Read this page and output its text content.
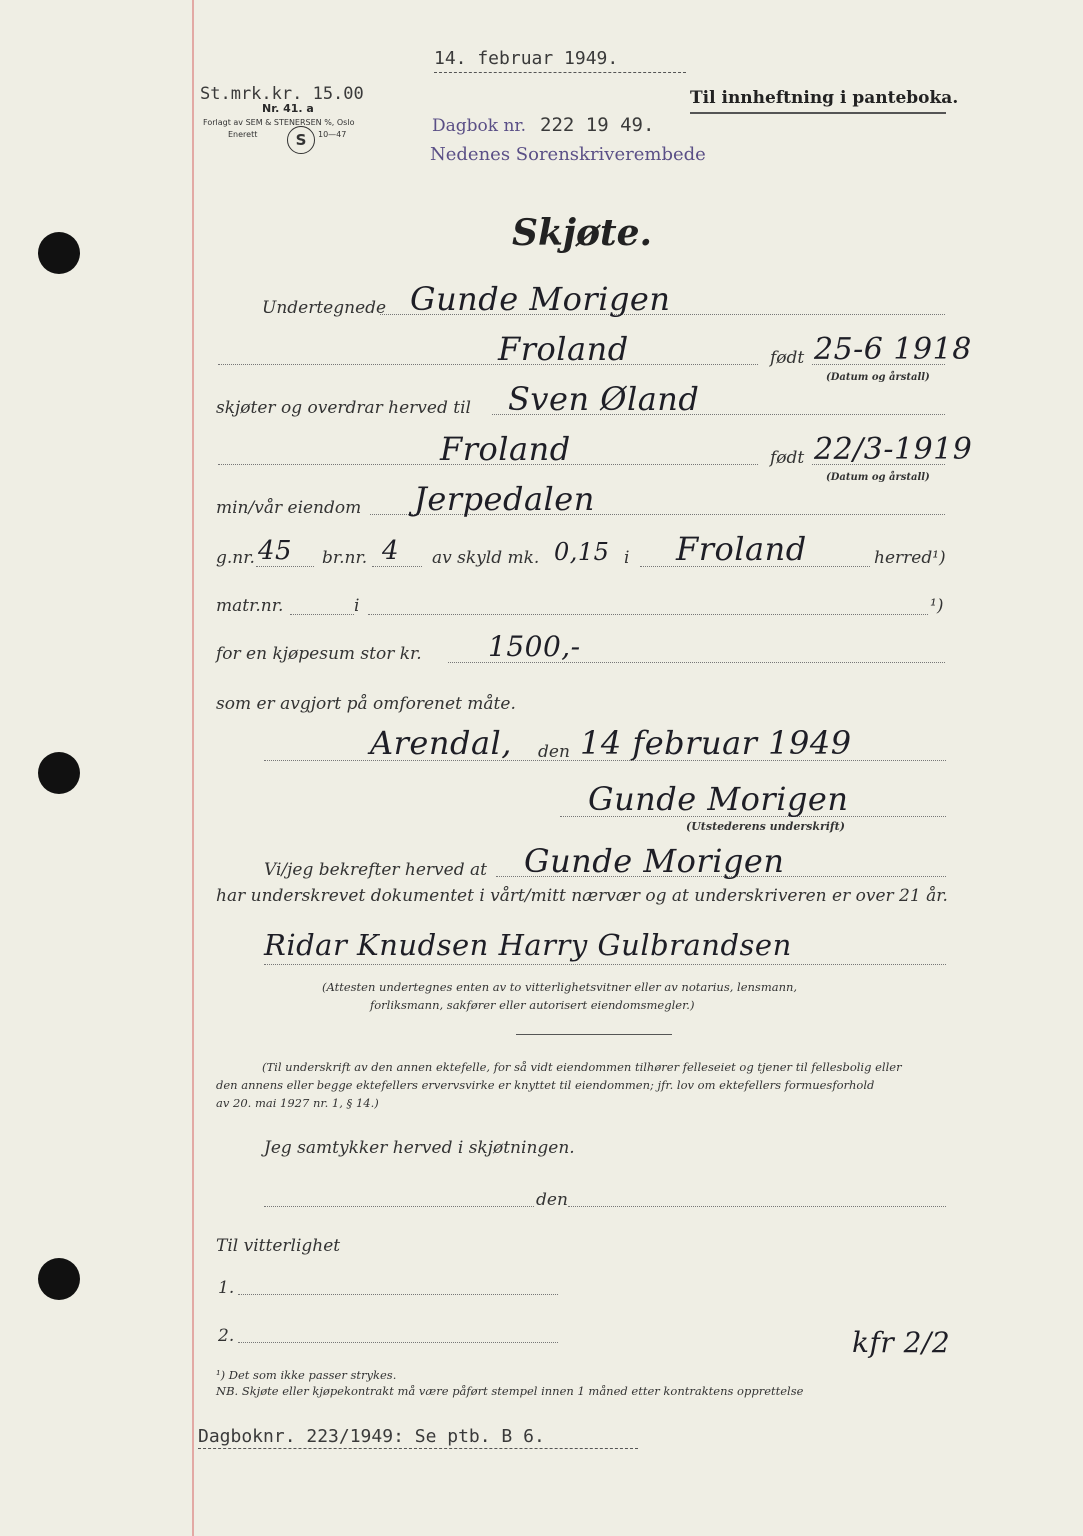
14. februar 1949.
St.mrk.kr. 15.00
Nr. 41. a
Forlagt av SEM & STENERSEN %, Oslo
Enerett	S 10—47	Dagbok nr. 222 19 49.
Nedenes Sorenskriverembede
Til innheftning i panteboka.
Skjøte.
Undertegnede Gunde Morigen
Froland	født 25-6 1918
(Datum og årstall)
skjøter og overdrar herved til Sven Øland
Froland	født 22/3-1919
(Datum og årstall)
min/vår eiendom Jerpedalen
g.nr. 45 br.nr. 4 av skyld mk. 0,15 i Froland	herred¹)
matr.nr.	i	¹)
for en kjøpesum stor kr. 1500,-
som er avgjort på omforenet måte.
Arendal, den 14 februar 1949
Gunde Morigen
(Utstederens underskrift)
Vi/jeg bekrefter herved at Gunde Morigen
har underskrevet dokumentet i vårt/mitt nærvær og at underskriveren er over 21 år.
Ridar Knudsen Harry Gulbrandsen
(Attesten undertegnes enten av to vitterlighetsvitner eller av notarius, lensmann,
forliksmann, sakfører eller autorisert eiendomsmegler.)
(Til underskrift av den annen ektefelle, for så vidt eiendommen tilhører felleseiet og tjener til fellesbolig eller
den annens eller begge ektefellers ervervsvirke er knyttet til eiendommen; jfr. lov om ektefellers formuesforhold
av 20. mai 1927 nr. 1, § 14.)
Jeg samtykker herved i skjøtningen.
den
Til vitterlighet
1.
2.	kfr 2/2
¹) Det som ikke passer strykes.
NB. Skjøte eller kjøpekontrakt må være påført stempel innen 1 måned etter kontraktens opprettelse
Dagboknr. 223/1949: Se ptb. B 6.
